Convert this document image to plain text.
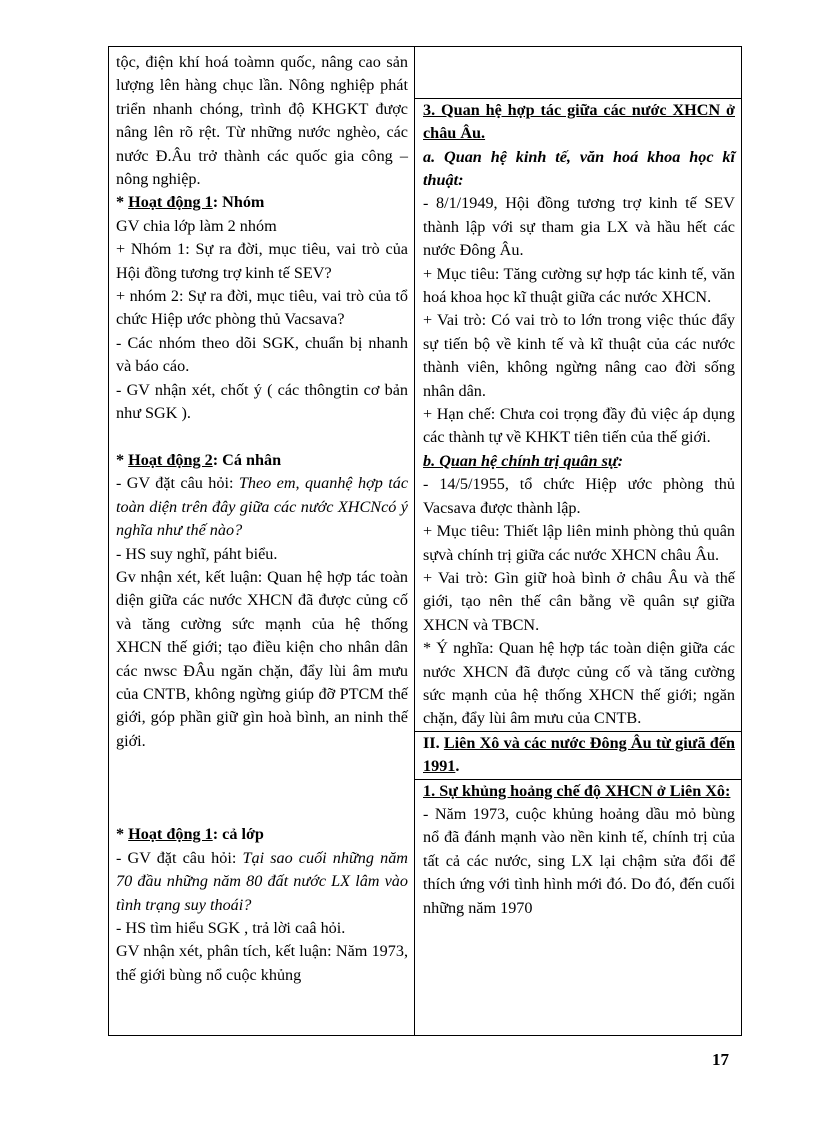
tộc, điện khí hoá toàmn quốc, nâng cao sản lượng lên hàng chục lần. Nông nghiệp phát triển nhanh chóng, trình độ KHGKT được nâng lên rõ rệt. Từ những nước nghèo, các nước Đ.Âu trở thành các quốc gia công – nông nghiệp.

* Hoạt động 1: Nhóm

GV chia lớp làm 2 nhóm

+ Nhóm 1: Sự ra đời, mục tiêu, vai trò của Hội đồng tương trợ kinh tế SEV?

+ nhóm 2: Sự ra đời, mục tiêu, vai trò của tổ chức Hiệp ước phòng thủ Vacsava?

- Các nhóm theo dõi SGK, chuẩn bị nhanh và báo cáo.

- GV nhận xét, chốt ý ( các thôngtin cơ bản như SGK ).

* Hoạt động 2: Cá nhân

- GV đặt câu hỏi: Theo em, quanhệ hợp tác toàn diện trên đây giữa các nước XHCNcó ý nghĩa như thế nào?

- HS suy nghĩ, páht biểu.

Gv nhận xét, kết luận: Quan hệ hợp tác toàn diện giữa các nước XHCN đã được củng cố và tăng cường sức mạnh của hệ thống XHCN thế giới; tạo điều kiện cho nhân dân các nwsc ĐÂu ngăn chặn, đẩy lùi âm mưu của CNTB, không ngừng giúp đỡ PTCM thế giới, góp phần giữ gìn hoà bình, an ninh thế giới.

* Hoạt động 1: cả lớp

- GV đặt câu hỏi: Tại sao cuối những năm 70 đầu những năm 80 đất nước LX lâm vào tình trạng suy thoái?

- HS tìm hiểu SGK , trả lời caâ hỏi.

GV nhận xét, phân tích, kết luận: Năm 1973, thế giới bùng nổ cuộc khủng

3. Quan hệ hợp tác giữa các nước XHCN ở châu Âu.

a. Quan hệ kinh tế, văn hoá khoa học kĩ thuật:

- 8/1/1949, Hội đồng tương trợ kinh tế SEV thành lập với sự tham gia LX và hầu hết các nước Đông Âu.

+ Mục tiêu: Tăng cường sự hợp tác kinh tế, văn hoá khoa học kĩ thuật giữa các nước XHCN.

+ Vai trò: Có vai trò to lớn trong việc thúc đẩy sự tiến bộ về kinh tế và kĩ thuật của các nước thành viên, không ngừng nâng cao đời sống nhân dân.

+ Hạn chế: Chưa coi trọng đầy đủ việc áp dụng các thành tự về KHKT tiên tiến của thế giới.

b. Quan hệ chính trị quân sự:

- 14/5/1955, tổ chức Hiệp ước phòng thủ Vacsava được thành lập.

+ Mục tiêu: Thiết lập liên minh phòng thủ quân sựvà chính trị giữa các nước XHCN châu Âu.

+ Vai trò: Gìn giữ hoà bình ở châu Âu và thế giới, tạo nên thế cân bằng về quân sự giữa XHCN và TBCN.

* Ý nghĩa: Quan hệ hợp tác toàn diện giữa các nước XHCN đã được củng cố và tăng cường sức mạnh của hệ thống XHCN thế giới; ngăn chặn, đẩy lùi âm mưu của CNTB.

II. Liên Xô và các nước Đông Âu từ giưã đến 1991.

1. Sự khủng hoảng chế độ XHCN ở Liên Xô:

- Năm 1973, cuộc khủng hoảng dầu mỏ bùng nổ đã đánh mạnh vào nền kinh tế, chính trị của tất cả các nước, sing LX lại chậm sửa đổi để thích ứng với tình hình mới đó. Do đó, đến cuối những năm 1970

17
